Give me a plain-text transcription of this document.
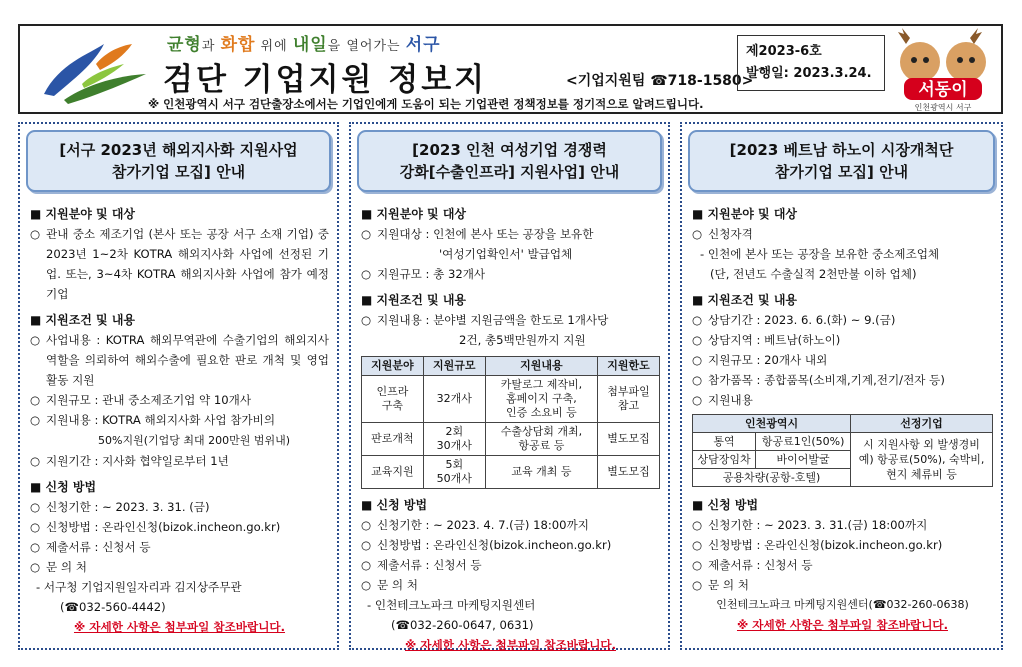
균형과 화합 위에 내일을 열어가는 서구
검단 기업지원 정보지	<기업지원팀 ☎718-1580>
※ 인천광역시 서구 검단출장소에서는 기업인에게 도움이 되는 기업관련 정책정보를 정기적으로 알려드립니다.
제2023-6호
발행일: 2023.3.24.
서동이
인천광역시 서구
[서구 2023년 해외지사화 지원사업
참가기업 모집] 안내
■ 지원분야 및 대상
○ 관내 중소 제조기업 (본사 또는 공장 서구 소재 기업) 중 2023년 1~2차 KOTRA 해외지사화 사업에 선정된 기업. 또는, 3~4차 KOTRA 해외지사화 사업에 참가 예정 기업
■ 지원조건 및 내용
○ 사업내용 : KOTRA 해외무역관에 수출기업의 해외지사 역할을 의뢰하여 해외수출에 필요한 판로 개척 및 영업활동 지원
○ 지원규모 : 관내 중소제조기업 약 10개사
○ 지원내용 : KOTRA 해외지사화 사업 참가비의
50%지원(기업당 최대 200만원 범위내)
○ 지원기간 : 지사화 협약일로부터 1년
■ 신청 방법
○ 신청기한 : ~ 2023. 3. 31. (금)
○ 신청방법 : 온라인신청(bizok.incheon.go.kr)
○ 제출서류 : 신청서 등
○ 문 의 처
- 서구청 기업지원일자리과 김지상주무관
(☎032-560-4442)
※ 자세한 사항은 첨부파일 참조바랍니다.
[2023 인천 여성기업 경쟁력
강화[수출인프라] 지원사업] 안내
■ 지원분야 및 대상
○ 지원대상 : 인천에 본사 또는 공장을 보유한
'여성기업확인서' 발급업체
○ 지원규모 : 총 32개사
■ 지원조건 및 내용
○ 지원내용 : 분야별 지원금액을 한도로 1개사당
2건, 총5백만원까지 지원
지원분야	지원규모	지원내용	지원한도
인프라
구축	32개사	카탈로그 제작비,
홈페이지 구축,
인증 소요비 등	첨부파일
참고
판로개척	2회
30개사	수출상담회 개최,
항공료 등	별도모집
교육지원	5회
50개사	교육 개최 등	별도모집
■ 신청 방법
○ 신청기한 : ~ 2023. 4. 7.(금) 18:00까지
○ 신청방법 : 온라인신청(bizok.incheon.go.kr)
○ 제출서류 : 신청서 등
○ 문 의 처
- 인천테크노파크 마케팅지원센터
(☎032-260-0647, 0631)
※ 자세한 사항은 첨부파일 참조바랍니다.
[2023 베트남 하노이 시장개척단
참가기업 모집] 안내
■ 지원분야 및 대상
○ 신청자격
- 인천에 본사 또는 공장을 보유한 중소제조업체
(단, 전년도 수출실적 2천만불 이하 업체)
■ 지원조건 및 내용
○ 상담기간 : 2023. 6. 6.(화) ~ 9.(금)
○ 상담지역 : 베트남(하노이)
○ 지원규모 : 20개사 내외
○ 참가품목 : 종합품목(소비재,기계,전기/전자 등)
○ 지원내용
인천광역시		선정기업
통역	항공료1인(50%)	시 지원사항 외 발생경비
예) 항공료(50%), 숙박비,
현지 체류비 등
상담장임차	바이어발굴	
공용차량(공항-호텔)		
■ 신청 방법
○ 신청기한 : ~ 2023. 3. 31.(금) 18:00까지
○ 신청방법 : 온라인신청(bizok.incheon.go.kr)
○ 제출서류 : 신청서 등
○ 문 의 처
인천테크노파크 마케팅지원센터(☎032-260-0638)
※ 자세한 사항은 첨부파일 참조바랍니다.
